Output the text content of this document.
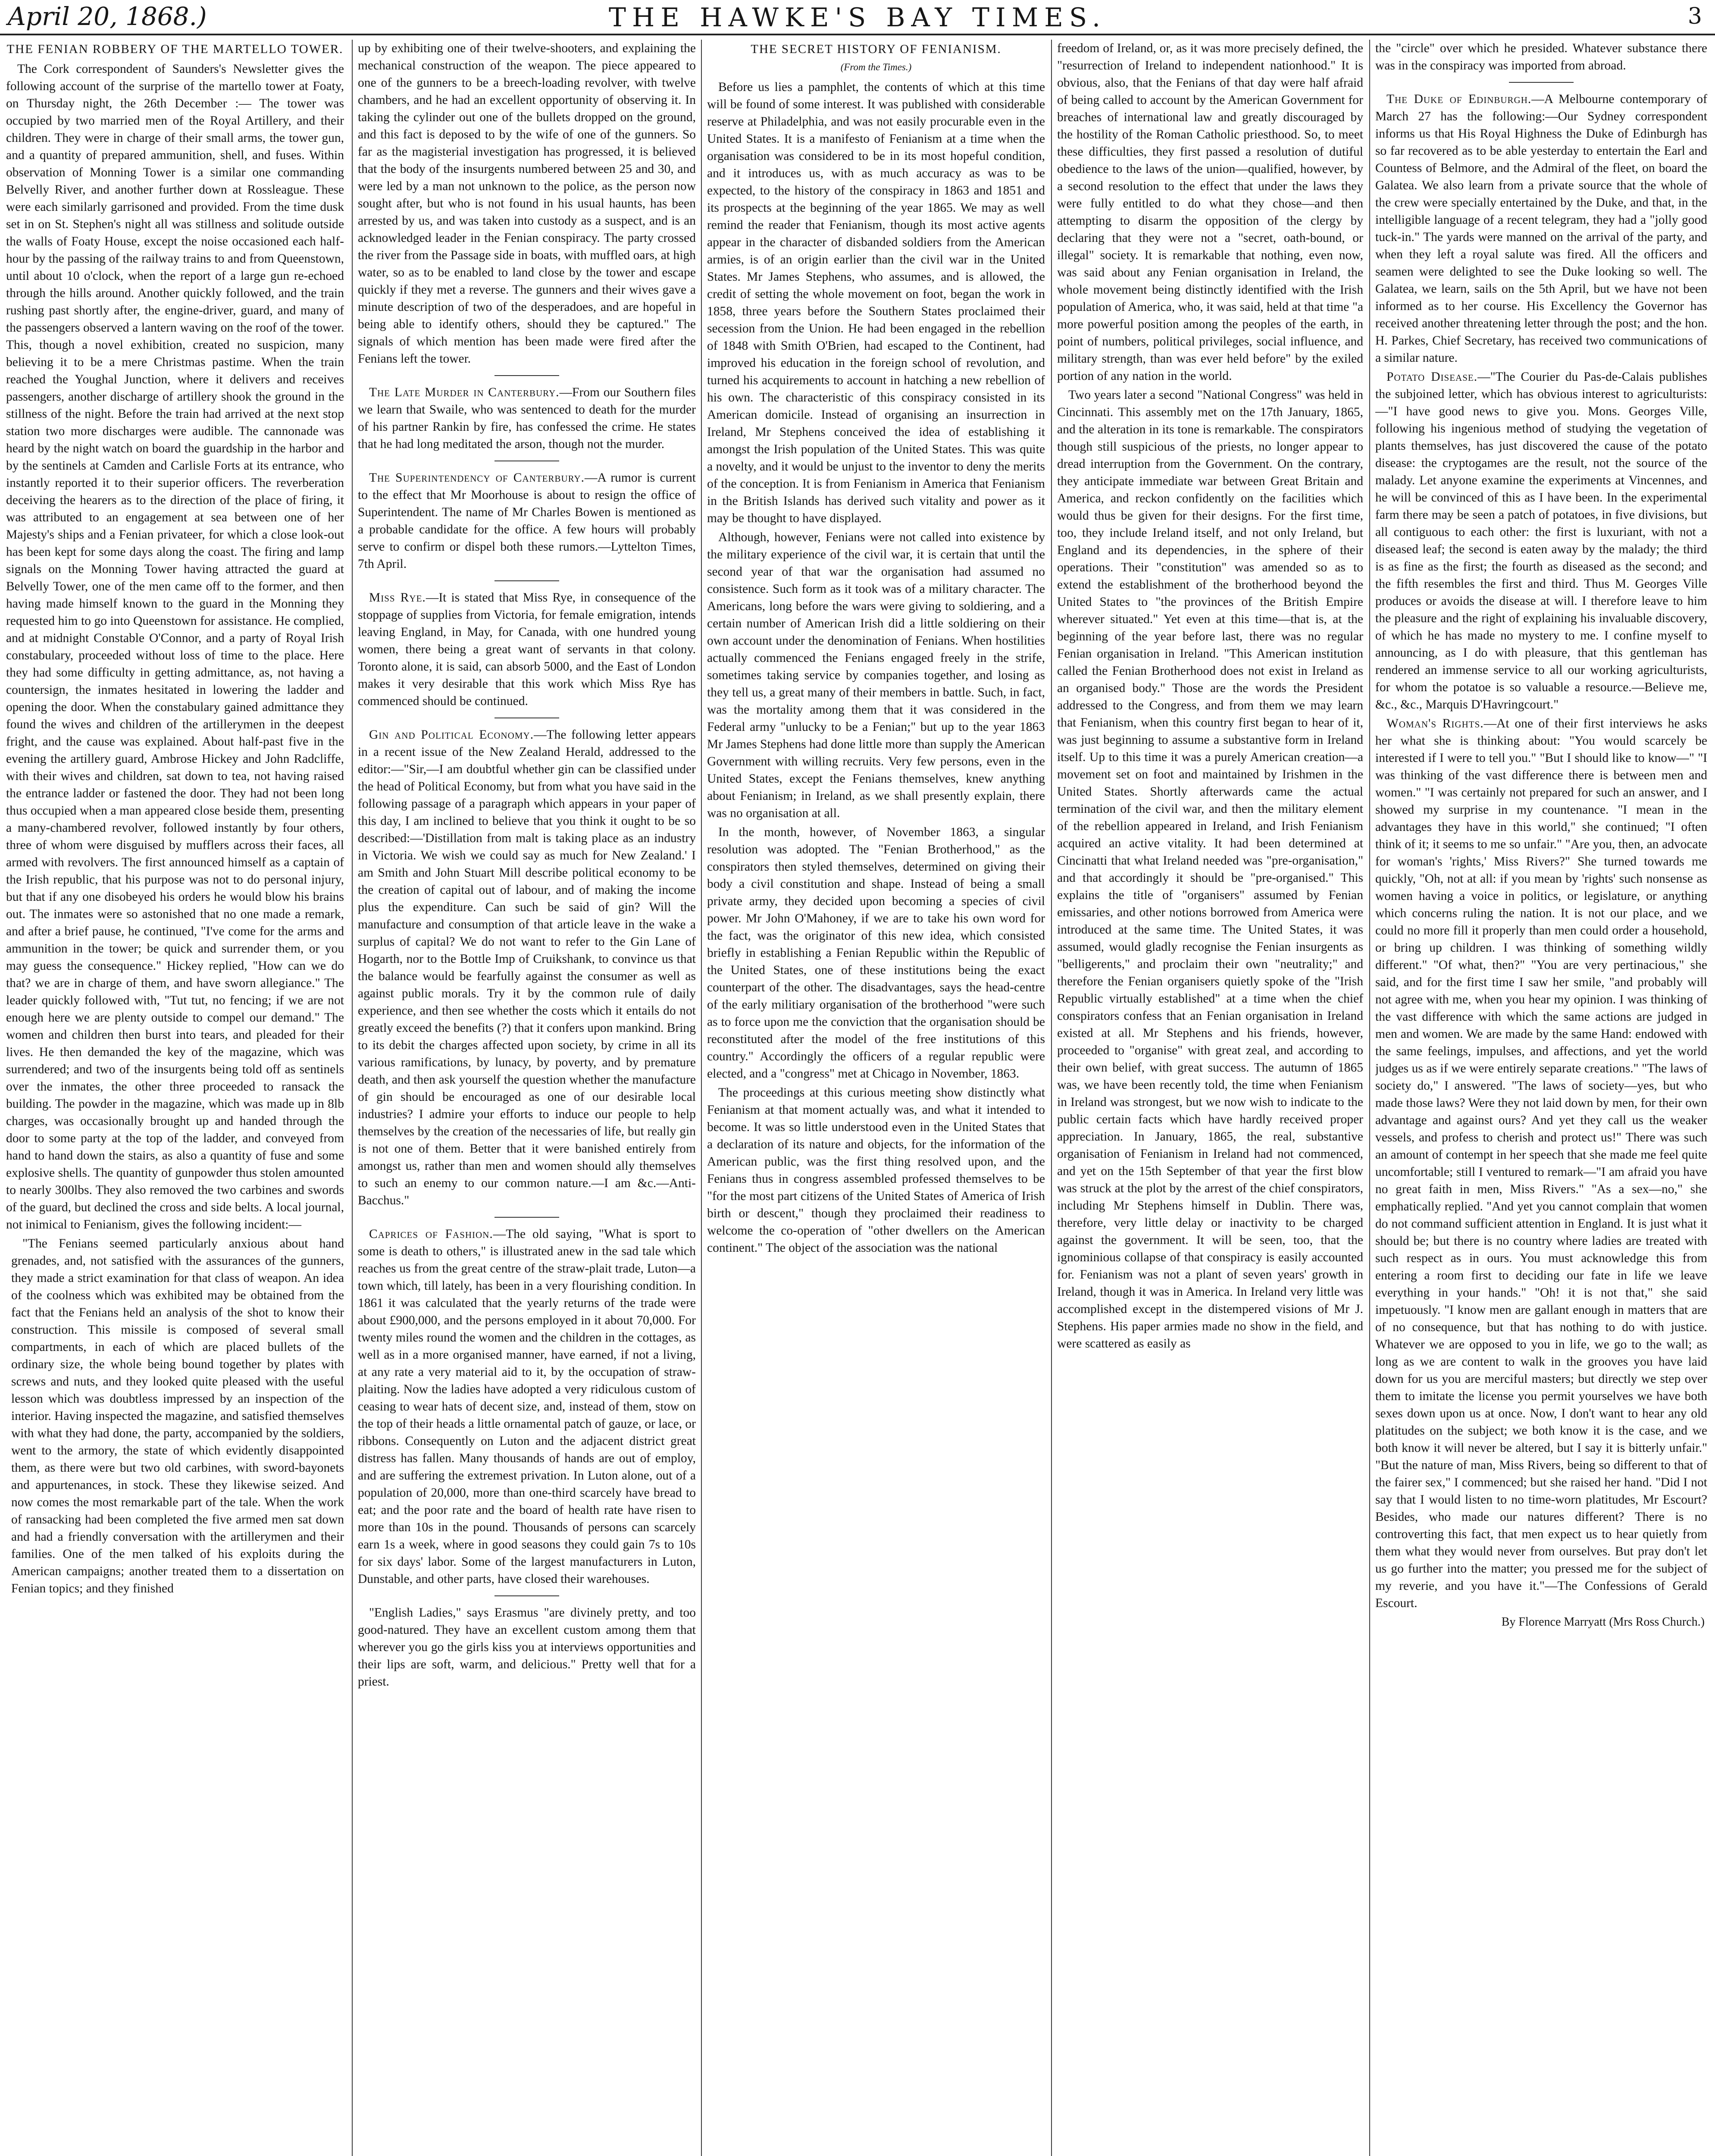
April 20, 1868.)	THE HAWKE'S BAY TIMES.	3
THE FENIAN ROBBERY OF THE MARTELLO TOWER.

The Cork correspondent of Saunders's Newsletter gives the following account of the surprise of the martello tower at Foaty, on Thursday night, the 26th December :— The tower was occupied by two married men of the Royal Artillery, and their children. They were in charge of their small arms, the tower gun, and a quantity of prepared ammunition, shell, and fuses. Within observation of Monning Tower is a similar one commanding Belvelly River, and another further down at Rossleague. These were each similarly garrisoned and provided. From the time dusk set in on St. Stephen's night all was stillness and solitude outside the walls of Foaty House, except the noise occasioned each half-hour by the passing of the railway trains to and from Queenstown, until about 10 o'clock, when the report of a large gun re-echoed through the hills around. Another quickly followed, and the train rushing past shortly after, the engine-driver, guard, and many of the passengers observed a lantern waving on the roof of the tower. This, though a novel exhibition, created no suspicion, many believing it to be a mere Christmas pastime. When the train reached the Youghal Junction, where it delivers and receives passengers, another discharge of artillery shook the ground in the stillness of the night. Before the train had arrived at the next stop station two more discharges were audible. The cannonade was heard by the night watch on board the guardship in the harbor and by the sentinels at Camden and Carlisle Forts at its entrance, who instantly reported it to their superior officers. The reverberation deceiving the hearers as to the direction of the place of firing, it was attributed to an engagement at sea between one of her Majesty's ships and a Fenian privateer, for which a close look-out has been kept for some days along the coast. The firing and lamp signals on the Monning Tower having attracted the guard at Belvelly Tower, one of the men came off to the former, and then having made himself known to the guard in the Monning they requested him to go into Queenstown for assistance. He complied, and at midnight Constable O'Connor, and a party of Royal Irish constabulary, proceeded without loss of time to the place. Here they had some difficulty in getting admittance, as, not having a countersign, the inmates hesitated in lowering the ladder and opening the door. When the constabulary gained admittance they found the wives and children of the artillerymen in the deepest fright, and the cause was explained. About half-past five in the evening the artillery guard, Ambrose Hickey and John Radcliffe, with their wives and children, sat down to tea, not having raised the entrance ladder or fastened the door. They had not been long thus occupied when a man appeared close beside them, presenting a many-chambered revolver, followed instantly by four others, three of whom were disguised by mufflers across their faces, all armed with revolvers. The first announced himself as a captain of the Irish republic, that his purpose was not to do personal injury, but that if any one disobeyed his orders he would blow his brains out. The inmates were so astonished that no one made a remark, and after a brief pause, he continued, "I've come for the arms and ammunition in the tower; be quick and surrender them, or you may guess the consequence." Hickey replied, "How can we do that? we are in charge of them, and have sworn allegiance." The leader quickly followed with, "Tut tut, no fencing; if we are not enough here we are plenty outside to compel our demand." The women and children then burst into tears, and pleaded for their lives. He then demanded the key of the magazine, which was surrendered; and two of the insurgents being told off as sentinels over the inmates, the other three proceeded to ransack the building. The powder in the magazine, which was made up in 8lb charges, was occasionally brought up and handed through the door to some party at the top of the ladder, and conveyed from hand to hand down the stairs, as also a quantity of fuse and some explosive shells. The quantity of gunpowder thus stolen amounted to nearly 300lbs. They also removed the two carbines and swords of the guard, but declined the cross and side belts. A local journal, not inimical to Fenianism, gives the following incident:—

"The Fenians seemed particularly anxious about hand grenades, and, not satisfied with the assurances of the gunners, they made a strict examination for that class of weapon. An idea of the coolness which was exhibited may be obtained from the fact that the Fenians held an analysis of the shot to know their construction. This missile is composed of several small compartments, in each of which are placed bullets of the ordinary size, the whole being bound together by plates with screws and nuts, and they looked quite pleased with the useful lesson which was doubtless impressed by an inspection of the interior. Having inspected the magazine, and satisfied themselves with what they had done, the party, accompanied by the soldiers, went to the armory, the state of which evidently disappointed them, as there were but two old carbines, with sword-bayonets and appurtenances, in stock. These they likewise seized. And now comes the most remarkable part of the tale. When the work of ransacking had been completed the five armed men sat down and had a friendly conversation with the artillerymen and their families. One of the men talked of his exploits during the American campaigns; another treated them to a dissertation on Fenian topics; and they finished

up by exhibiting one of their twelve-shooters, and explaining the mechanical construction of the weapon. The piece appeared to one of the gunners to be a breech-loading revolver, with twelve chambers, and he had an excellent opportunity of observing it. In taking the cylinder out one of the bullets dropped on the ground, and this fact is deposed to by the wife of one of the gunners. So far as the magisterial investigation has progressed, it is believed that the body of the insurgents numbered between 25 and 30, and were led by a man not unknown to the police, as the person now sought after, but who is not found in his usual haunts, has been arrested by us, and was taken into custody as a suspect, and is an acknowledged leader in the Fenian conspiracy. The party crossed the river from the Passage side in boats, with muffled oars, at high water, so as to be enabled to land close by the tower and escape quickly if they met a reverse. The gunners and their wives gave a minute description of two of the desperadoes, and are hopeful in being able to identify others, should they be captured." The signals of which mention has been made were fired after the Fenians left the tower.

The Late Murder in Canterbury.—From our Southern files we learn that Swaile, who was sentenced to death for the murder of his partner Rankin by fire, has confessed the crime. He states that he had long meditated the arson, though not the murder.

The Superintendency of Canterbury.—A rumor is current to the effect that Mr Moorhouse is about to resign the office of Superintendent. The name of Mr Charles Bowen is mentioned as a probable candidate for the office. A few hours will probably serve to confirm or dispel both these rumors.—Lyttelton Times, 7th April.

Miss Rye.—It is stated that Miss Rye, in consequence of the stoppage of supplies from Victoria, for female emigration, intends leaving England, in May, for Canada, with one hundred young women, there being a great want of servants in that colony. Toronto alone, it is said, can absorb 5000, and the East of London makes it very desirable that this work which Miss Rye has commenced should be continued.

Gin and Political Economy.—The following letter appears in a recent issue of the New Zealand Herald, addressed to the editor:—"Sir,—I am doubtful whether gin can be classified under the head of Political Economy, but from what you have said in the following passage of a paragraph which appears in your paper of this day, I am inclined to believe that you think it ought to be so described:—'Distillation from malt is taking place as an industry in Victoria. We wish we could say as much for New Zealand.' I am Smith and John Stuart Mill describe political economy to be the creation of capital out of labour, and of making the income plus the expenditure. Can such be said of gin? Will the manufacture and consumption of that article leave in the wake a surplus of capital? We do not want to refer to the Gin Lane of Hogarth, nor to the Bottle Imp of Cruikshank, to convince us that the balance would be fearfully against the consumer as well as against public morals. Try it by the common rule of daily experience, and then see whether the costs which it entails do not greatly exceed the benefits (?) that it confers upon mankind. Bring to its debit the charges affected upon society, by crime in all its various ramifications, by lunacy, by poverty, and by premature death, and then ask yourself the question whether the manufacture of gin should be encouraged as one of our desirable local industries? I admire your efforts to induce our people to help themselves by the creation of the necessaries of life, but really gin is not one of them. Better that it were banished entirely from amongst us, rather than men and women should ally themselves to such an enemy to our common nature.—I am &c.—Anti-Bacchus."

Caprices of Fashion.—The old saying, "What is sport to some is death to others," is illustrated anew in the sad tale which reaches us from the great centre of the straw-plait trade, Luton—a town which, till lately, has been in a very flourishing condition. In 1861 it was calculated that the yearly returns of the trade were about £900,000, and the persons employed in it about 70,000. For twenty miles round the women and the children in the cottages, as well as in a more organised manner, have earned, if not a living, at any rate a very material aid to it, by the occupation of straw-plaiting. Now the ladies have adopted a very ridiculous custom of ceasing to wear hats of decent size, and, instead of them, stow on the top of their heads a little ornamental patch of gauze, or lace, or ribbons. Consequently on Luton and the adjacent district great distress has fallen. Many thousands of hands are out of employ, and are suffering the extremest privation. In Luton alone, out of a population of 20,000, more than one-third scarcely have bread to eat; and the poor rate and the board of health rate have risen to more than 10s in the pound. Thousands of persons can scarcely earn 1s a week, where in good seasons they could gain 7s to 10s for six days' labor. Some of the largest manufacturers in Luton, Dunstable, and other parts, have closed their warehouses.

"English Ladies," says Erasmus "are divinely pretty, and too good-natured. They have an excellent custom among them that wherever you go the girls kiss you at interviews opportunities and their lips are soft, warm, and delicious." Pretty well that for a priest.

THE SECRET HISTORY OF FENIANISM.
(From the Times.)

Before us lies a pamphlet, the contents of which at this time will be found of some interest. It was published with considerable reserve at Philadelphia, and was not easily procurable even in the United States. It is a manifesto of Fenianism at a time when the organisation was considered to be in its most hopeful condition, and it introduces us, with as much accuracy as was to be expected, to the history of the conspiracy in 1863 and 1851 and its prospects at the beginning of the year 1865. We may as well remind the reader that Fenianism, though its most active agents appear in the character of disbanded soldiers from the American armies, is of an origin earlier than the civil war in the United States. Mr James Stephens, who assumes, and is allowed, the credit of setting the whole movement on foot, began the work in 1858, three years before the Southern States proclaimed their secession from the Union. He had been engaged in the rebellion of 1848 with Smith O'Brien, had escaped to the Continent, had improved his education in the foreign school of revolution, and turned his acquirements to account in hatching a new rebellion of his own. The characteristic of this conspiracy consisted in its American domicile. Instead of organising an insurrection in Ireland, Mr Stephens conceived the idea of establishing it amongst the Irish population of the United States. This was quite a novelty, and it would be unjust to the inventor to deny the merits of the conception. It is from Fenianism in America that Fenianism in the British Islands has derived such vitality and power as it may be thought to have displayed.

Although, however, Fenians were not called into existence by the military experience of the civil war, it is certain that until the second year of that war the organisation had assumed no consistence. Such form as it took was of a military character. The Americans, long before the wars were giving to soldiering, and a certain number of American Irish did a little soldiering on their own account under the denomination of Fenians. When hostilities actually commenced the Fenians engaged freely in the strife, sometimes taking service by companies together, and losing as they tell us, a great many of their members in battle. Such, in fact, was the mortality among them that it was considered in the Federal army "unlucky to be a Fenian;" but up to the year 1863 Mr James Stephens had done little more than supply the American Government with willing recruits. Very few persons, even in the United States, except the Fenians themselves, knew anything about Fenianism; in Ireland, as we shall presently explain, there was no organisation at all.

In the month, however, of November 1863, a singular resolution was adopted. The "Fenian Brotherhood," as the conspirators then styled themselves, determined on giving their body a civil constitution and shape. Instead of being a small private army, they decided upon becoming a species of civil power. Mr John O'Mahoney, if we are to take his own word for the fact, was the originator of this new idea, which consisted briefly in establishing a Fenian Republic within the Republic of the United States, one of these institutions being the exact counterpart of the other. The disadvantages, says the head-centre of the early militiary organisation of the brotherhood "were such as to force upon me the conviction that the organisation should be reconstituted after the model of the free institutions of this country." Accordingly the officers of a regular republic were elected, and a "congress" met at Chicago in November, 1863.

The proceedings at this curious meeting show distinctly what Fenianism at that moment actually was, and what it intended to become. It was so little understood even in the United States that a declaration of its nature and objects, for the information of the American public, was the first thing resolved upon, and the Fenians thus in congress assembled professed themselves to be "for the most part citizens of the United States of America of Irish birth or descent," though they proclaimed their readiness to welcome the co-operation of "other dwellers on the American continent." The object of the association was the national

freedom of Ireland, or, as it was more precisely defined, the "resurrection of Ireland to independent nationhood." It is obvious, also, that the Fenians of that day were half afraid of being called to account by the American Government for breaches of international law and greatly discouraged by the hostility of the Roman Catholic priesthood. So, to meet these difficulties, they first passed a resolution of dutiful obedience to the laws of the union—qualified, however, by a second resolution to the effect that under the laws they were fully entitled to do what they chose—and then attempting to disarm the opposition of the clergy by declaring that they were not a "secret, oath-bound, or illegal" society. It is remarkable that nothing, even now, was said about any Fenian organisation in Ireland, the whole movement being distinctly identified with the Irish population of America, who, it was said, held at that time "a more powerful position among the peoples of the earth, in point of numbers, political privileges, social influence, and military strength, than was ever held before" by the exiled portion of any nation in the world.

Two years later a second "National Congress" was held in Cincinnati. This assembly met on the 17th January, 1865, and the alteration in its tone is remarkable. The conspirators though still suspicious of the priests, no longer appear to dread interruption from the Government. On the contrary, they anticipate immediate war between Great Britain and America, and reckon confidently on the facilities which would thus be given for their designs. For the first time, too, they include Ireland itself, and not only Ireland, but England and its dependencies, in the sphere of their operations. Their "constitution" was amended so as to extend the establishment of the brotherhood beyond the United States to "the provinces of the British Empire wherever situated." Yet even at this time—that is, at the beginning of the year before last, there was no regular Fenian organisation in Ireland. "This American institution called the Fenian Brotherhood does not exist in Ireland as an organised body." Those are the words the President addressed to the Congress, and from them we may learn that Fenianism, when this country first began to hear of it, was just beginning to assume a substantive form in Ireland itself. Up to this time it was a purely American creation—a movement set on foot and maintained by Irishmen in the United States. Shortly afterwards came the actual termination of the civil war, and then the military element of the rebellion appeared in Ireland, and Irish Fenianism acquired an active vitality. It had been determined at Cincinatti that what Ireland needed was "pre-organisation," and that accordingly it should be "pre-organised." This explains the title of "organisers" assumed by Fenian emissaries, and other notions borrowed from America were introduced at the same time. The United States, it was assumed, would gladly recognise the Fenian insurgents as "belligerents," and proclaim their own "neutrality;" and therefore the Fenian organisers quietly spoke of the "Irish Republic virtually established" at a time when the chief conspirators confess that an Fenian organisation in Ireland existed at all. Mr Stephens and his friends, however, proceeded to "organise" with great zeal, and according to their own belief, with great success. The autumn of 1865 was, we have been recently told, the time when Fenianism in Ireland was strongest, but we now wish to indicate to the public certain facts which have hardly received proper appreciation. In January, 1865, the real, substantive organisation of Fenianism in Ireland had not commenced, and yet on the 15th September of that year the first blow was struck at the plot by the arrest of the chief conspirators, including Mr Stephens himself in Dublin. There was, therefore, very little delay or inactivity to be charged against the government. It will be seen, too, that the ignominious collapse of that conspiracy is easily accounted for. Fenianism was not a plant of seven years' growth in Ireland, though it was in America. In Ireland very little was accomplished except in the distempered visions of Mr J. Stephens. His paper armies made no show in the field, and were scattered as easily as

the "circle" over which he presided. Whatever substance there was in the conspiracy was imported from abroad.

The Duke of Edinburgh.—A Melbourne contemporary of March 27 has the following:—Our Sydney correspondent informs us that His Royal Highness the Duke of Edinburgh has so far recovered as to be able yesterday to entertain the Earl and Countess of Belmore, and the Admiral of the fleet, on board the Galatea. We also learn from a private source that the whole of the crew were specially entertained by the Duke, and that, in the intelligible language of a recent telegram, they had a "jolly good tuck-in." The yards were manned on the arrival of the party, and when they left a royal salute was fired. All the officers and seamen were delighted to see the Duke looking so well. The Galatea, we learn, sails on the 5th April, but we have not been informed as to her course. His Excellency the Governor has received another threatening letter through the post; and the hon. H. Parkes, Chief Secretary, has received two communications of a similar nature.

Potato Disease.—"The Courier du Pas-de-Calais publishes the subjoined letter, which has obvious interest to agriculturists:—"I have good news to give you. Mons. Georges Ville, following his ingenious method of studying the vegetation of plants themselves, has just discovered the cause of the potato disease: the cryptogames are the result, not the source of the malady. Let anyone examine the experiments at Vincennes, and he will be convinced of this as I have been. In the experimental farm there may be seen a patch of potatoes, in five divisions, but all contiguous to each other: the first is luxuriant, with not a diseased leaf; the second is eaten away by the malady; the third is as fine as the first; the fourth as diseased as the second; and the fifth resembles the first and third. Thus M. Georges Ville produces or avoids the disease at will. I therefore leave to him the pleasure and the right of explaining his invaluable discovery, of which he has made no mystery to me. I confine myself to announcing, as I do with pleasure, that this gentleman has rendered an immense service to all our working agriculturists, for whom the potatoe is so valuable a resource.—Believe me, &c., &c., Marquis D'Havringcourt."

Woman's Rights.—At one of their first interviews he asks her what she is thinking about: "You would scarcely be interested if I were to tell you." "But I should like to know—" "I was thinking of the vast difference there is between men and women." "I was certainly not prepared for such an answer, and I showed my surprise in my countenance. "I mean in the advantages they have in this world," she continued; "I often think of it; it seems to me so unfair." "Are you, then, an advocate for woman's 'rights,' Miss Rivers?" She turned towards me quickly, "Oh, not at all: if you mean by 'rights' such nonsense as women having a voice in politics, or legislature, or anything which concerns ruling the nation. It is not our place, and we could no more fill it properly than men could order a household, or bring up children. I was thinking of something wildly different." "Of what, then?" "You are very pertinacious," she said, and for the first time I saw her smile, "and probably will not agree with me, when you hear my opinion. I was thinking of the vast difference with which the same actions are judged in men and women. We are made by the same Hand: endowed with the same feelings, impulses, and affections, and yet the world judges us as if we were entirely separate creations." "The laws of society do," I answered. "The laws of society—yes, but who made those laws? Were they not laid down by men, for their own advantage and against ours? And yet they call us the weaker vessels, and profess to cherish and protect us!" There was such an amount of contempt in her speech that she made me feel quite uncomfortable; still I ventured to remark—"I am afraid you have no great faith in men, Miss Rivers." "As a sex—no," she emphatically replied. "And yet you cannot complain that women do not command sufficient attention in England. It is just what it should be; but there is no country where ladies are treated with such respect as in ours. You must acknowledge this from entering a room first to deciding our fate in life we leave everything in your hands." "Oh! it is not that," she said impetuously. "I know men are gallant enough in matters that are of no consequence, but that has nothing to do with justice. Whatever we are opposed to you in life, we go to the wall; as long as we are content to walk in the grooves you have laid down for us you are merciful masters; but directly we step over them to imitate the license you permit yourselves we have both sexes down upon us at once. Now, I don't want to hear any old platitudes on the subject; we both know it is the case, and we both know it will never be altered, but I say it is bitterly unfair." "But the nature of man, Miss Rivers, being so different to that of the fairer sex," I commenced; but she raised her hand. "Did I not say that I would listen to no time-worn platitudes, Mr Escourt? Besides, who made our natures different? There is no controverting this fact, that men expect us to hear quietly from them what they would never from ourselves. But pray don't let us go further into the matter; you pressed me for the subject of my reverie, and you have it."—The Confessions of Gerald Escourt.

By Florence Marryatt (Mrs Ross Church.)
